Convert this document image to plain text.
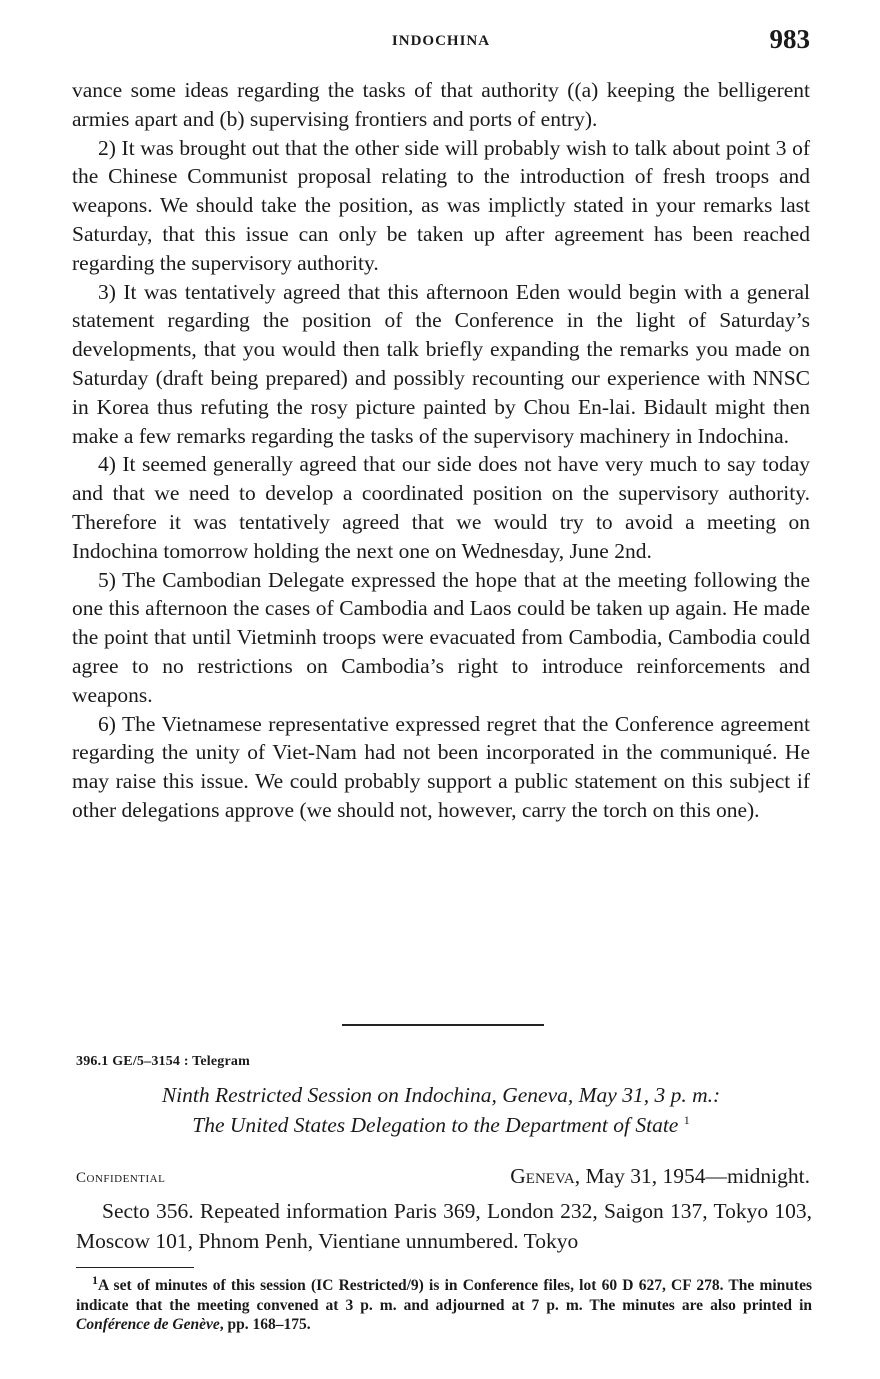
INDOCHINA	983

vance some ideas regarding the tasks of that authority ((a) keeping the belligerent armies apart and (b) supervising frontiers and ports of entry).

2) It was brought out that the other side will probably wish to talk about point 3 of the Chinese Communist proposal relating to the introduction of fresh troops and weapons. We should take the position, as was implictly stated in your remarks last Saturday, that this issue can only be taken up after agreement has been reached regarding the supervisory authority.

3) It was tentatively agreed that this afternoon Eden would begin with a general statement regarding the position of the Conference in the light of Saturday’s developments, that you would then talk briefly expanding the remarks you made on Saturday (draft being prepared) and possibly recounting our experience with NNSC in Korea thus refuting the rosy picture painted by Chou En-lai. Bidault might then make a few remarks regarding the tasks of the supervisory machinery in Indochina.

4) It seemed generally agreed that our side does not have very much to say today and that we need to develop a coordinated position on the supervisory authority. Therefore it was tentatively agreed that we would try to avoid a meeting on Indochina tomorrow holding the next one on Wednesday, June 2nd.

5) The Cambodian Delegate expressed the hope that at the meeting following the one this afternoon the cases of Cambodia and Laos could be taken up again. He made the point that until Vietminh troops were evacuated from Cambodia, Cambodia could agree to no restrictions on Cambodia’s right to introduce reinforcements and weapons.

6) The Vietnamese representative expressed regret that the Conference agreement regarding the unity of Viet-Nam had not been incorporated in the communiqué. He may raise this issue. We could probably support a public statement on this subject if other delegations approve (we should not, however, carry the torch on this one).

396.1 GE/5–3154 : Telegram
Ninth Restricted Session on Indochina, Geneva, May 31, 3 p. m.:
The United States Delegation to the Department of State $^1$
Confidential	Geneva, May 31, 1954—midnight.

Secto 356. Repeated information Paris 369, London 232, Saigon 137, Tokyo 103, Moscow 101, Phnom Penh, Vientiane unnumbered. Tokyo

$^1$A set of minutes of this session (IC Restricted/9) is in Conference files, lot 60 D 627, CF 278. The minutes indicate that the meeting convened at 3 p. m. and adjourned at 7 p. m. The minutes are also printed in Conférence de Genève, pp. 168–175.
